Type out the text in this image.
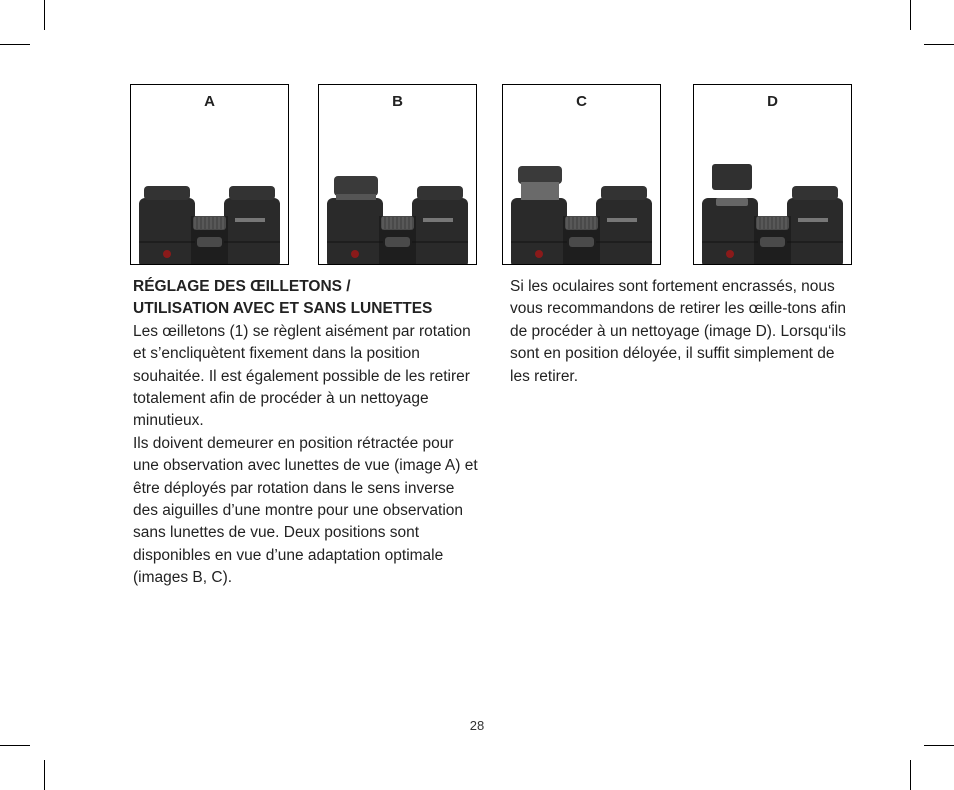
A	B	C	D

RÉGLAGE DES ŒILLETONS /
UTILISATION AVEC ET SANS LUNETTES

Les œilletons (1) se règlent aisément par rotation et s’encliquètent fixement dans la position souhaitée. Il est également possible de les retirer totalement afin de procéder à un nettoyage minutieux.

Ils doivent demeurer en position rétractée pour une observation avec lunettes de vue (image A) et être déployés par rotation dans le sens inverse des aiguilles d’une montre pour une observation sans lunettes de vue. Deux positions sont disponibles en vue d’une adaptation optimale (images B, C).

Si les oculaires sont fortement encrassés, nous vous recommandons de retirer les œille-tons afin de procéder à un nettoyage (image D). Lorsqu‘ils sont en position déloyée, il suffit simplement de les retirer.

28
